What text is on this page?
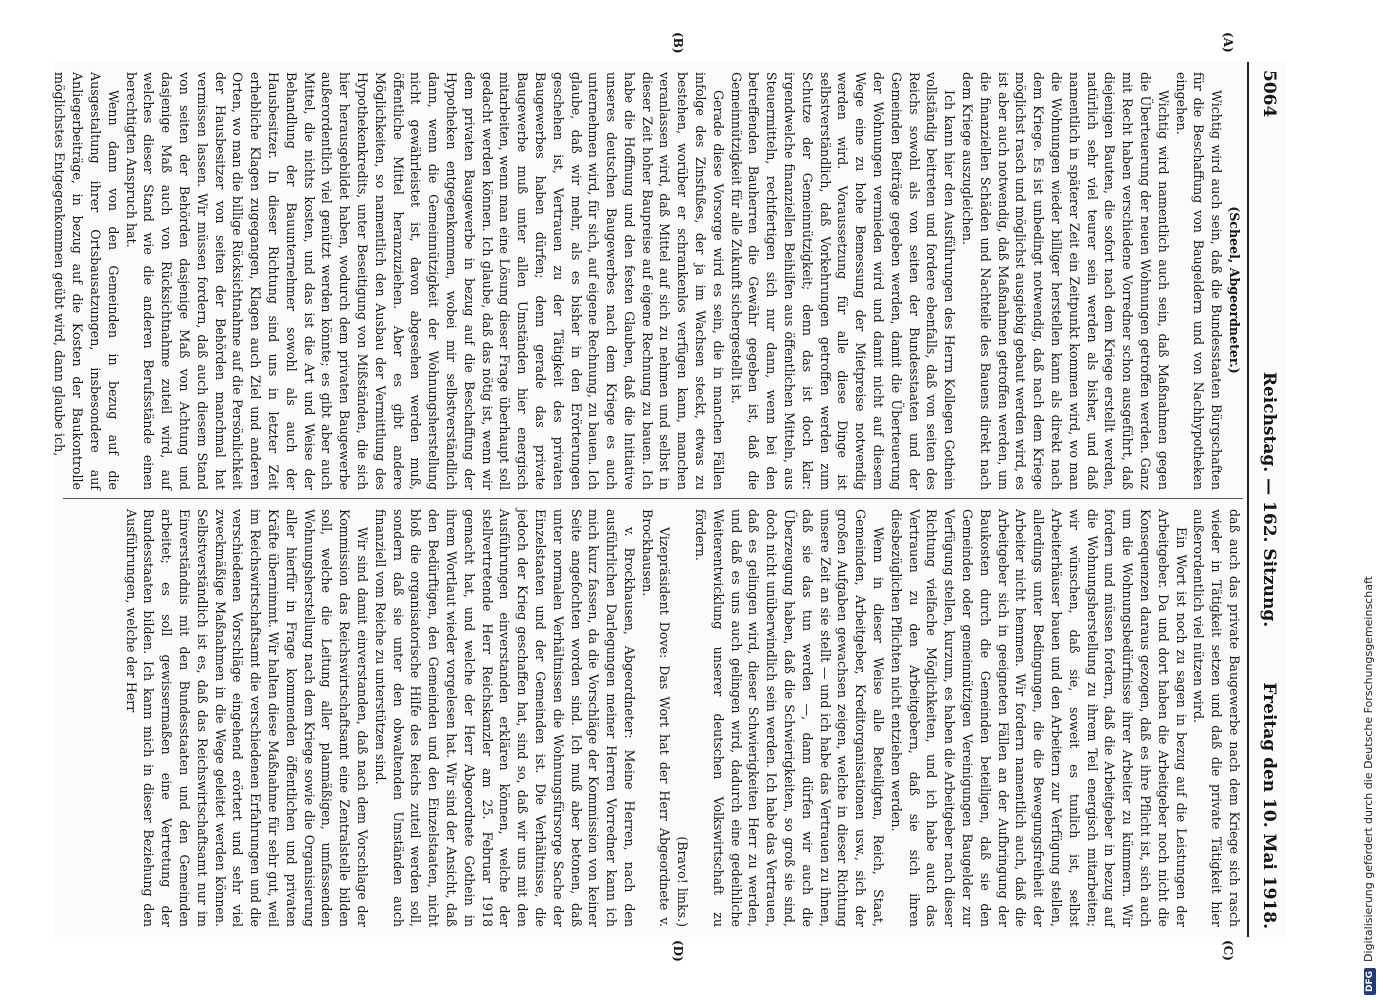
5064
Reichstag. — 162. Sitzung.
Freitag den 10. Mai 1918.
(A)
(B)
(C)
(D)

(Scheel, Abgeordneter.)

Wichtig wird auch sein, daß die Bundesstaaten Bürgschaften für die Beschaffung von Baugeldern und von Nachhypotheken eingehen.

Wichtig wird namentlich auch sein, daß Maßnahmen gegen die Überteuerung der neuen Wohnungen getroffen werden. Ganz mit Recht haben verschiedene Vorredner schon ausgeführt, daß diejenigen Bauten, die sofort nach dem Kriege erstellt werden, natürlich sehr viel teurer sein werden als bisher, und daß namentlich in späterer Zeit ein Zeitpunkt kommen wird, wo man die Wohnungen wieder billiger herstellen kann als direkt nach dem Kriege. Es ist unbedingt notwendig, daß nach dem Kriege möglichst rasch und möglichst ausgiebig gebaut werden wird, es ist aber auch notwendig, daß Maßnahmen getroffen werden, um die finanziellen Schäden und Nachteile des Bauens direkt nach dem Kriege auszugleichen.

Ich kann hier den Ausführungen des Herrn Kollegen Gothein vollständig beitreten und fordere ebenfalls, daß von seiten des Reichs sowohl als von seiten der Bundesstaaten und der Gemeinden Beiträge gegeben werden, damit die Überteuerung der Wohnungen vermieden wird und damit nicht auf diesem Wege eine zu hohe Bemessung der Mietpreise notwendig werden wird. Voraussetzung für alle diese Dinge ist selbstverständlich, daß Vorkehrungen getroffen werden zum Schutze der Gemeinnützigkeit; denn das ist doch klar: irgendwelche finanziellen Beihilfen aus öffentlichen Mitteln, aus Steuermitteln, rechtfertigen sich nur dann, wenn bei den betreffenden Bauherren die Gewähr gegeben ist, daß die Gemeinnützigkeit für alle Zukunft sichergestellt ist.

Gerade diese Vorsorge wird es sein, die in manchen Fällen infolge des Zinsfußes, der ja im Wachsen steckt, etwas zu bestehen, worüber er schrankenlos verfügen kann, manchen veranlassen wird, daß Mittel auf sich zu nehmen und selbst in dieser Zeit hoher Baupreise auf eigene Rechnung zu bauen. Ich habe die Hoffnung und den festen Glauben, daß die Initiative unseres deutschen Baugewerbes nach dem Kriege es auch unternehmen wird, für sich, auf eigene Rechnung, zu bauen. Ich glaube, daß wir mehr, als es bisher in den Erörterungen geschehen ist, Vertrauen zu der Tätigkeit des privaten Baugewerbes haben dürfen; denn gerade das private Baugewerbe muß unter allen Umständen hier energisch mitarbeiten, wenn man eine Lösung dieser Frage überhaupt soll gedacht werden können. Ich glaube, daß das nötig ist, wenn wir dem privaten Baugewerbe in bezug auf die Beschaffung der Hypotheken entgegenkommen, wobei mir selbstverständlich dann, wenn die Gemeinnützigkeit der Wohnungsherstellung nicht gewährleistet ist, davon abgesehen werden muß, öffentliche Mittel heranzuziehen. Aber es gibt andere Möglichkeiten, so namentlich den Ausbau der Vermittlung des Hypothekenkredits, unter Beseitigung von Mißständen, die sich hier herausgebildet haben, wodurch dem privaten Baugewerbe außerordentlich viel genützt werden könnte; es gibt aber auch Mittel, die nichts kosten, und das ist die Art und Weise der Behandlung der Bauunternehmer sowohl als auch der Hausbesitzer. In dieser Richtung sind uns in letzter Zeit erhebliche Klagen zugegangen, Klagen auch Ziel und anderen Orten, wo man die billige Rücksichtnahme auf die Persönlichkeit der Hausbesitzer von seiten der Behörden manchmal hat vermissen lassen. Wir müssen fordern, daß auch diesem Stand von seiten der Behörden dasjenige Maß von Achtung und dasjenige Maß auch von Rücksichtnahme zuteil wird, auf welches dieser Stand wie die anderen Berufsstände einen berechtigten Anspruch hat.

Wenn dann von den Gemeinden in bezug auf die Ausgestaltung ihrer Ortsbausatzungen, insbesondere auf Anliegerbeiträge, in bezug auf die Kosten der Baukontrolle möglichstes Entgegenkommen geübt wird, dann glaube ich,

daß auch das private Baugewerbe nach dem Kriege sich rasch wieder in Tätigkeit setzen und daß die private Tätigkeit hier außerordentlich viel nützen wird.

Ein Wort ist noch zu sagen in bezug auf die Leistungen der Arbeitgeber. Da und dort haben die Arbeitgeber noch nicht die Konsequenzen daraus gezogen, daß es ihre Pflicht ist, sich auch um die Wohnungsbedürfnisse ihrer Arbeiter zu kümmern. Wir fordern und müssen fordern, daß die Arbeitgeber in bezug auf die Wohnungsherstellung zu ihrem Teil energisch mitarbeiten; wir wünschen, daß sie, soweit es tunlich ist, selbst Arbeiterhäuser bauen und den Arbeitern zur Verfügung stellen, allerdings unter Bedingungen, die die Bewegungsfreiheit der Arbeiter nicht hemmen. Wir fordern namentlich auch, daß die Arbeitgeber sich in geeigneten Fällen an der Aufbringung der Baukosten durch die Gemeinden beteiligen, daß sie den Gemeinden oder gemeinnützigen Vereinigungen Baugelder zur Verfügung stellen, kurzum, es haben die Arbeitgeber nach dieser Richtung vielfache Möglichkeiten, und ich habe auch das Vertrauen zu den Arbeitgebern, daß sie sich ihren diesbezüglichen Pflichten nicht entziehen werden.

Wenn in dieser Weise alle Beteiligten, Reich, Staat, Gemeinden, Arbeitgeber, Kreditorganisationen usw., sich der großen Aufgaben gewachsen zeigen, welche in dieser Richtung unsere Zeit an sie stellt — und ich habe das Vertrauen zu ihnen, daß sie das tun werden —, dann dürfen wir auch die Überzeugung haben, daß die Schwierigkeiten, so groß sie sind, doch nicht unüberwindlich sein werden. Ich habe das Vertrauen, daß es gelingen wird, dieser Schwierigkeiten Herr zu werden, und daß es uns auch gelingen wird, dadurch eine gedeihliche Weiterentwicklung unserer deutschen Volkswirtschaft zu fördern.

(Bravo! links.)

Vizepräsident Dove: Das Wort hat der Herr Abgeordnete v. Brockhausen.

v. Brockhausen, Abgeordneter: Meine Herren, nach den ausführlichen Darlegungen meiner Herren Vorredner kann ich mich kurz fassen, da die Vorschläge der Kommission von keiner Seite angefochten worden sind. Ich muß aber betonen, daß unter normalen Verhältnissen die Wohnungsfürsorge Sache der Einzelstaaten und der Gemeinden ist. Die Verhältnisse, die jedoch der Krieg geschaffen hat, sind so, daß wir uns mit den Ausführungen einverstanden erklären können, welche der stellvertretende Herr Reichskanzler am 25. Februar 1918 gemacht hat, und welche der Herr Abgeordnete Gothein in ihrem Wortlaut wieder vorgelesen hat. Wir sind der Ansicht, daß den Bedürftigen, den Gemeinden und den Einzelstaaten, nicht bloß die organisatorische Hilfe des Reichs zuteil werden soll, sondern daß sie unter den obwaltenden Umständen auch finanziell vom Reiche zu unterstützen sind.

Wir sind damit einverstanden, daß nach dem Vorschlage der Kommission das Reichswirtschaftsamt eine Zentralstelle bilden soll, welche die Leitung aller planmäßigen, umfassenden Wohnungsherstellung nach dem Kriege sowie die Organisierung aller hierfür in Frage kommenden öffentlichen und privaten Kräfte übernimmt. Wir halten diese Maßnahme für sehr gut, weil im Reichswirtschaftsamt die verschiedenen Erfahrungen und die verschiedenen Vorschläge eingehend erörtert und sehr viel zweckmäßige Maßnahmen in die Wege geleitet werden können. Selbstverständlich ist es, daß das Reichswirtschaftsamt nur im Einverständnis mit den Bundesstaaten und den Gemeinden arbeitet; es soll gewissermaßen eine Vertretung der Bundesstaaten bilden. Ich kann mich in dieser Beziehung den Ausführungen, welche der Herr

DFGDigitalisierung gefördert durch die Deutsche Forschungsgemeinschaft
